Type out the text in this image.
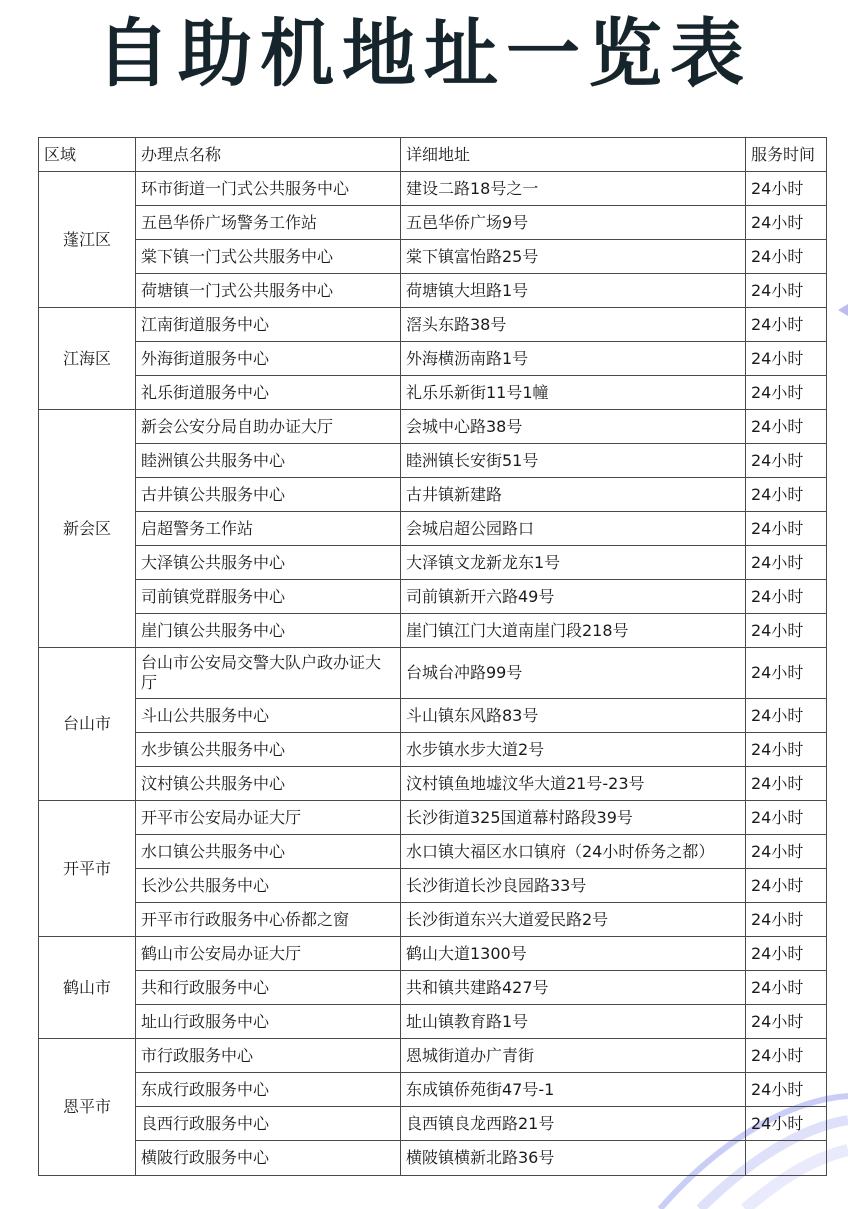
自助机地址一览表
区域	办理点名称	详细地址	服务时间
蓬江区	环市街道一门式公共服务中心	建设二路18号之一	24小时
	五邑华侨广场警务工作站	五邑华侨广场9号	24小时
	棠下镇一门式公共服务中心	棠下镇富怡路25号	24小时
	荷塘镇一门式公共服务中心	荷塘镇大坦路1号	24小时
江海区	江南街道服务中心	滘头东路38号	24小时
	外海街道服务中心	外海横沥南路1号	24小时
	礼乐街道服务中心	礼乐乐新街11号1幢	24小时
新会区	新会公安分局自助办证大厅	会城中心路38号	24小时
	睦洲镇公共服务中心	睦洲镇长安街51号	24小时
	古井镇公共服务中心	古井镇新建路	24小时
	启超警务工作站	会城启超公园路口	24小时
	大泽镇公共服务中心	大泽镇文龙新龙东1号	24小时
	司前镇党群服务中心	司前镇新开六路49号	24小时
	崖门镇公共服务中心	崖门镇江门大道南崖门段218号	24小时
台山市	台山市公安局交警大队户政办证大厅	台城台冲路99号	24小时
	斗山公共服务中心	斗山镇东风路83号	24小时
	水步镇公共服务中心	水步镇水步大道2号	24小时
	汶村镇公共服务中心	汶村镇鱼地墟汶华大道21号-23号	24小时
开平市	开平市公安局办证大厅	长沙街道325国道幕村路段39号	24小时
	水口镇公共服务中心	水口镇大福区水口镇府（24小时侨务之都）	24小时
	长沙公共服务中心	长沙街道长沙良园路33号	24小时
	开平市行政服务中心侨都之窗	长沙街道东兴大道爱民路2号	24小时
鹤山市	鹤山市公安局办证大厅	鹤山大道1300号	24小时
	共和行政服务中心	共和镇共建路427号	24小时
	址山行政服务中心	址山镇教育路1号	24小时
恩平市	市行政服务中心	恩城街道办广青街	24小时
	东成行政服务中心	东成镇侨苑街47号-1	24小时
	良西行政服务中心	良西镇良龙西路21号	24小时
	横陂行政服务中心	横陂镇横新北路36号	
